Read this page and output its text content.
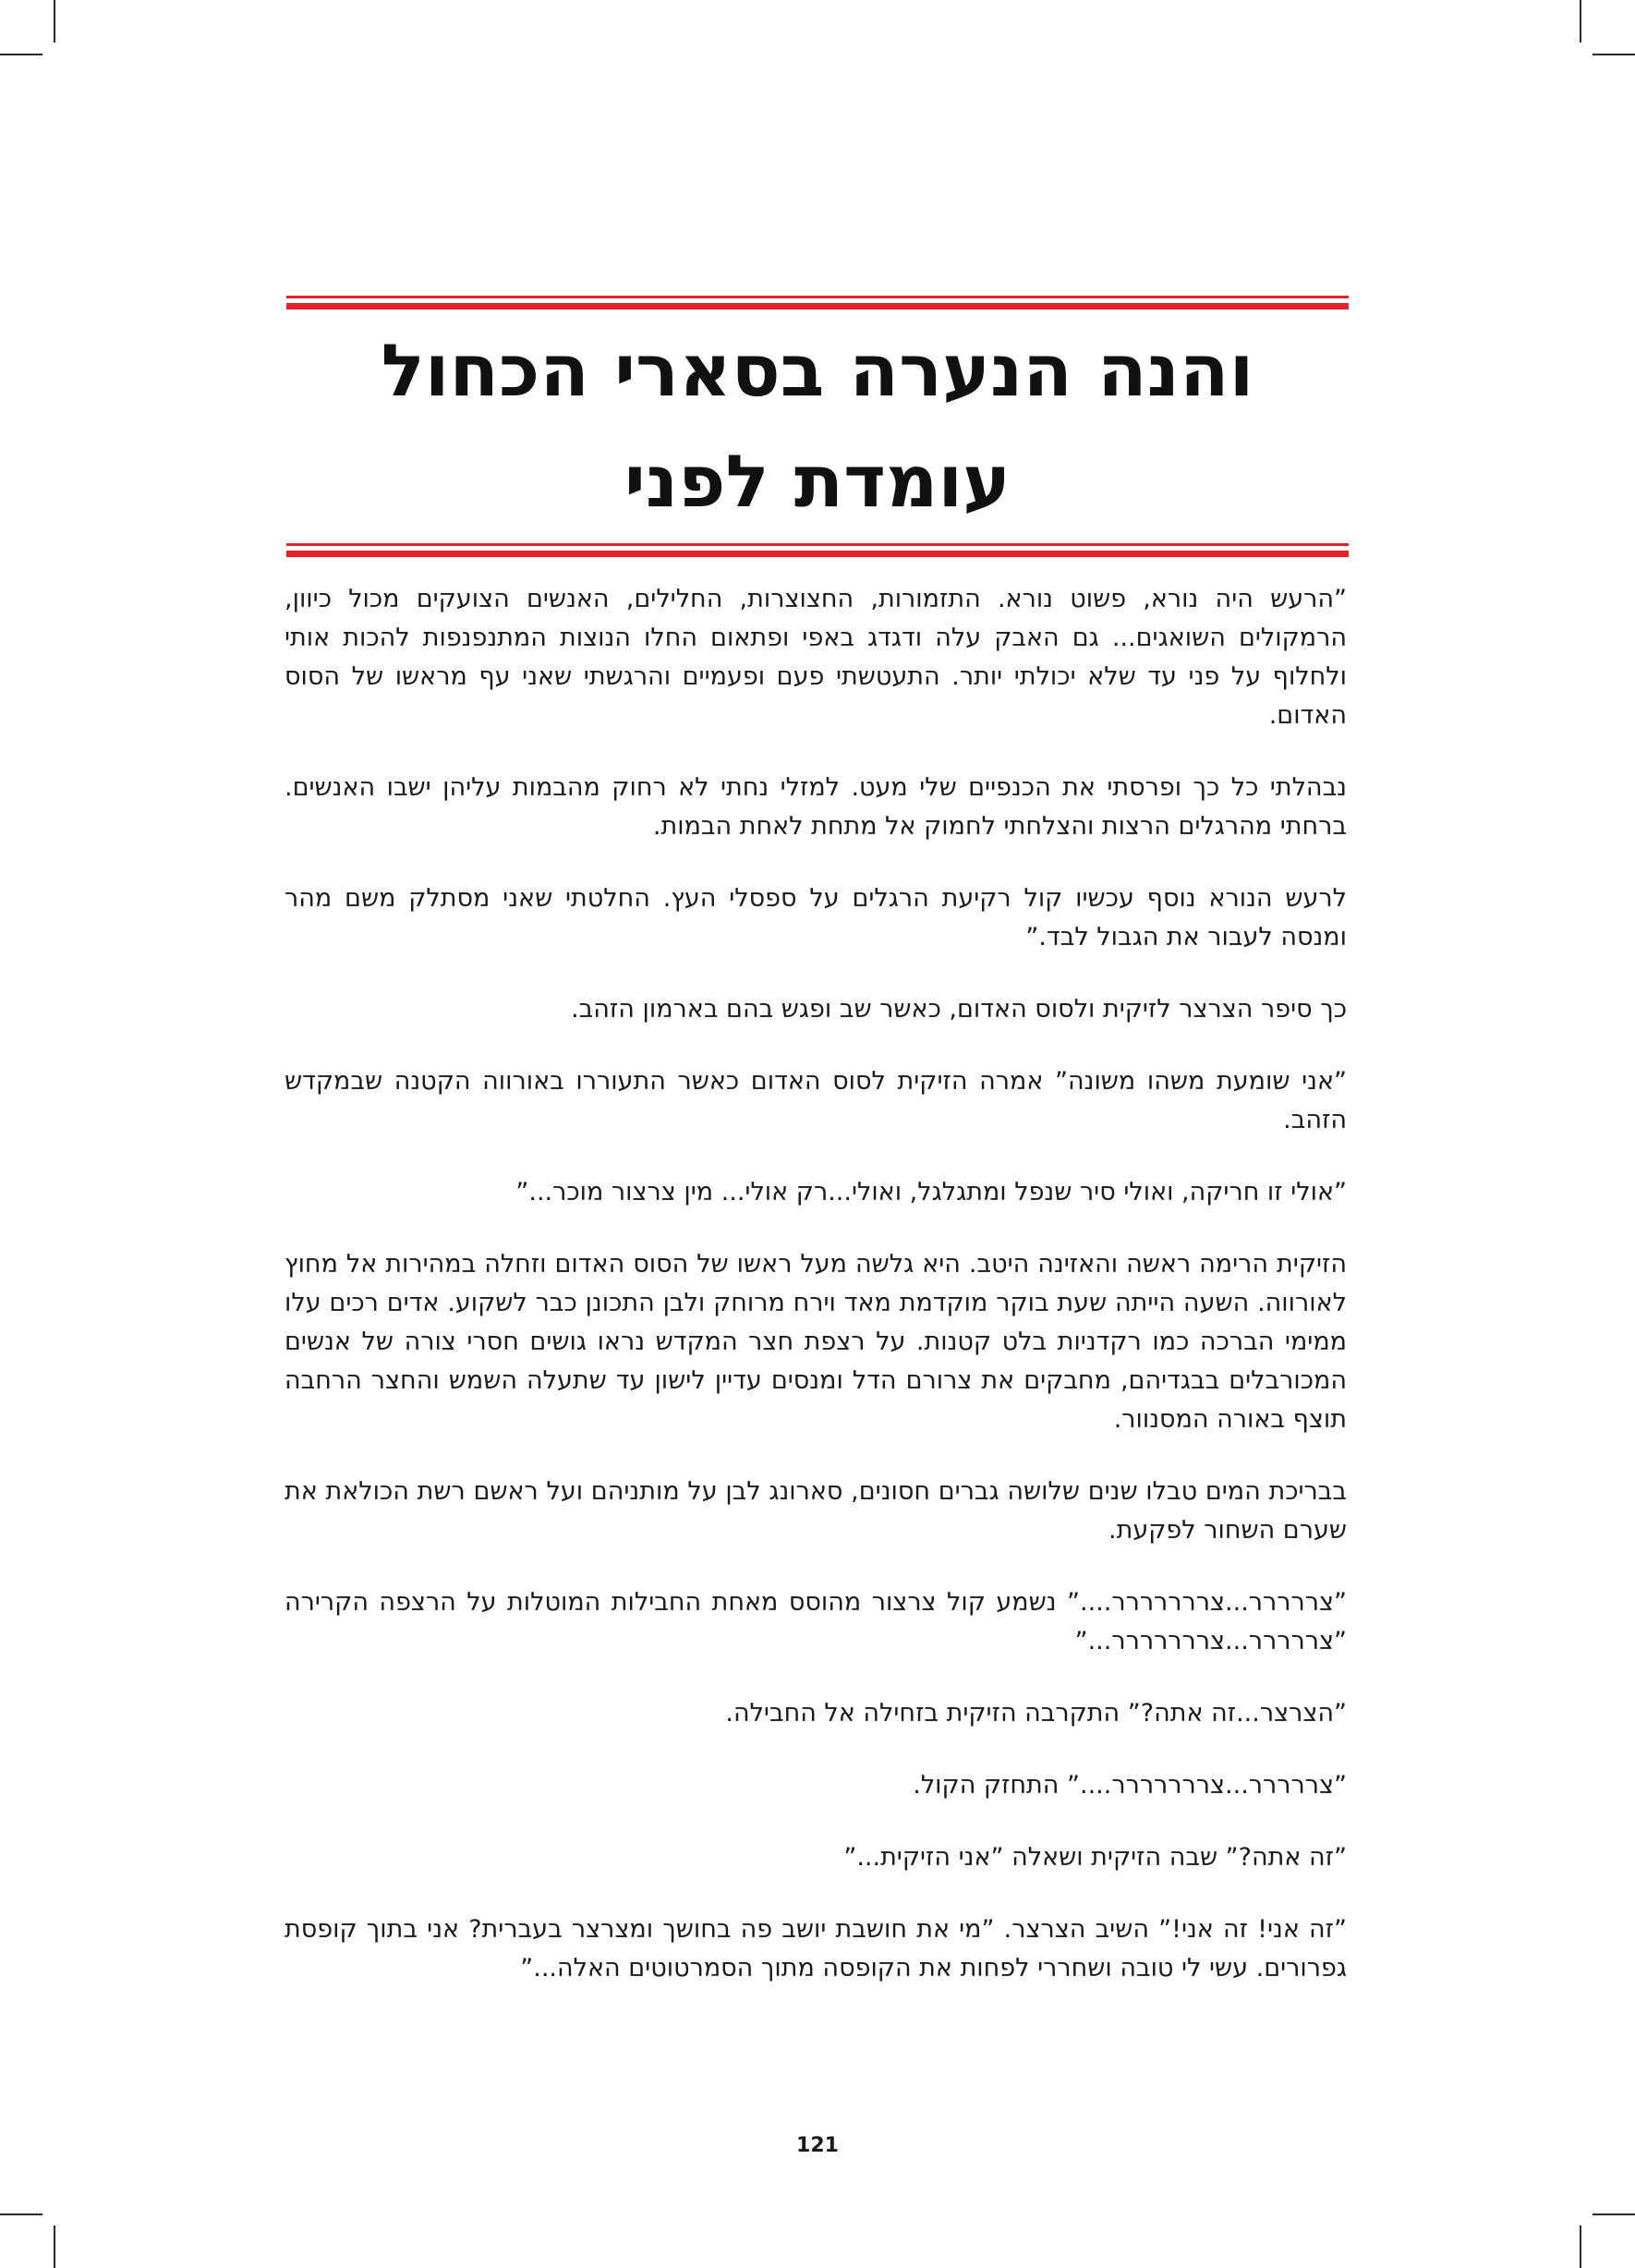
והנה הנערה בסארי הכחול
עומדת לפני

”הרעש היה נורא, פשוט נורא. התזמורות, החצוצרות, החלילים, האנשים הצועקים מכול כיוון, הרמקולים השואגים... גם האבק עלה ודגדג באפי ופתאום החלו הנוצות המתנפנפות להכות אותי ולחלוף על פני עד שלא יכולתי יותר. התעטשתי פעם ופעמיים והרגשתי שאני עף מראשו של הסוס האדום.

נבהלתי כל כך ופרסתי את הכנפיים שלי מעט. למזלי נחתי לא רחוק מהבמות עליהן ישבו האנשים. ברחתי מהרגלים הרצות והצלחתי לחמוק אל מתחת לאחת הבמות.

לרעש הנורא נוסף עכשיו קול רקיעת הרגלים על ספסלי העץ. החלטתי שאני מסתלק משם מהר ומנסה לעבור את הגבול לבד.”

כך סיפר הצרצר לזיקית ולסוס האדום, כאשר שב ופגש בהם בארמון הזהב.

”אני שומעת משהו משונה” אמרה הזיקית לסוס האדום כאשר התעוררו באורווה הקטנה שבמקדש הזהב.

”אולי זו חריקה, ואולי סיר שנפל ומתגלגל, ואולי...רק אולי... מין צרצור מוכר...”

הזיקית הרימה ראשה והאזינה היטב. היא גלשה מעל ראשו של הסוס האדום וזחלה במהירות אל מחוץ לאורווה. השעה הייתה שעת בוקר מוקדמת מאד וירח מרוחק ולבן התכונן כבר לשקוע. אדים רכים עלו ממימי הברכה כמו רקדניות בלט קטנות. על רצפת חצר המקדש נראו גושים חסרי צורה של אנשים המכורבלים בבגדיהם, מחבקים את צרורם הדל ומנסים עדיין לישון עד שתעלה השמש והחצר הרחבה תוצף באורה המסנוור.

בבריכת המים טבלו שנים שלושה גברים חסונים, סארונג לבן על מותניהם ועל ראשם רשת הכולאת את שערם השחור לפקעת.

”צררררר...צררררררר....” נשמע קול צרצור מהוסס מאחת החבילות המוטלות על הרצפה הקרירה ”צררררר...צררררררר...”

”הצרצר...זה אתה?” התקרבה הזיקית בזחילה אל החבילה.

”צררררר...צררררררר....” התחזק הקול.

”זה אתה?” שבה הזיקית ושאלה ”אני הזיקית...”

”זה אני! זה אני!” השיב הצרצר. ”מי את חושבת יושב פה בחושך ומצרצר בעברית? אני בתוך קופסת גפרורים. עשי לי טובה ושחררי לפחות את הקופסה מתוך הסמרטוטים האלה...”

121
